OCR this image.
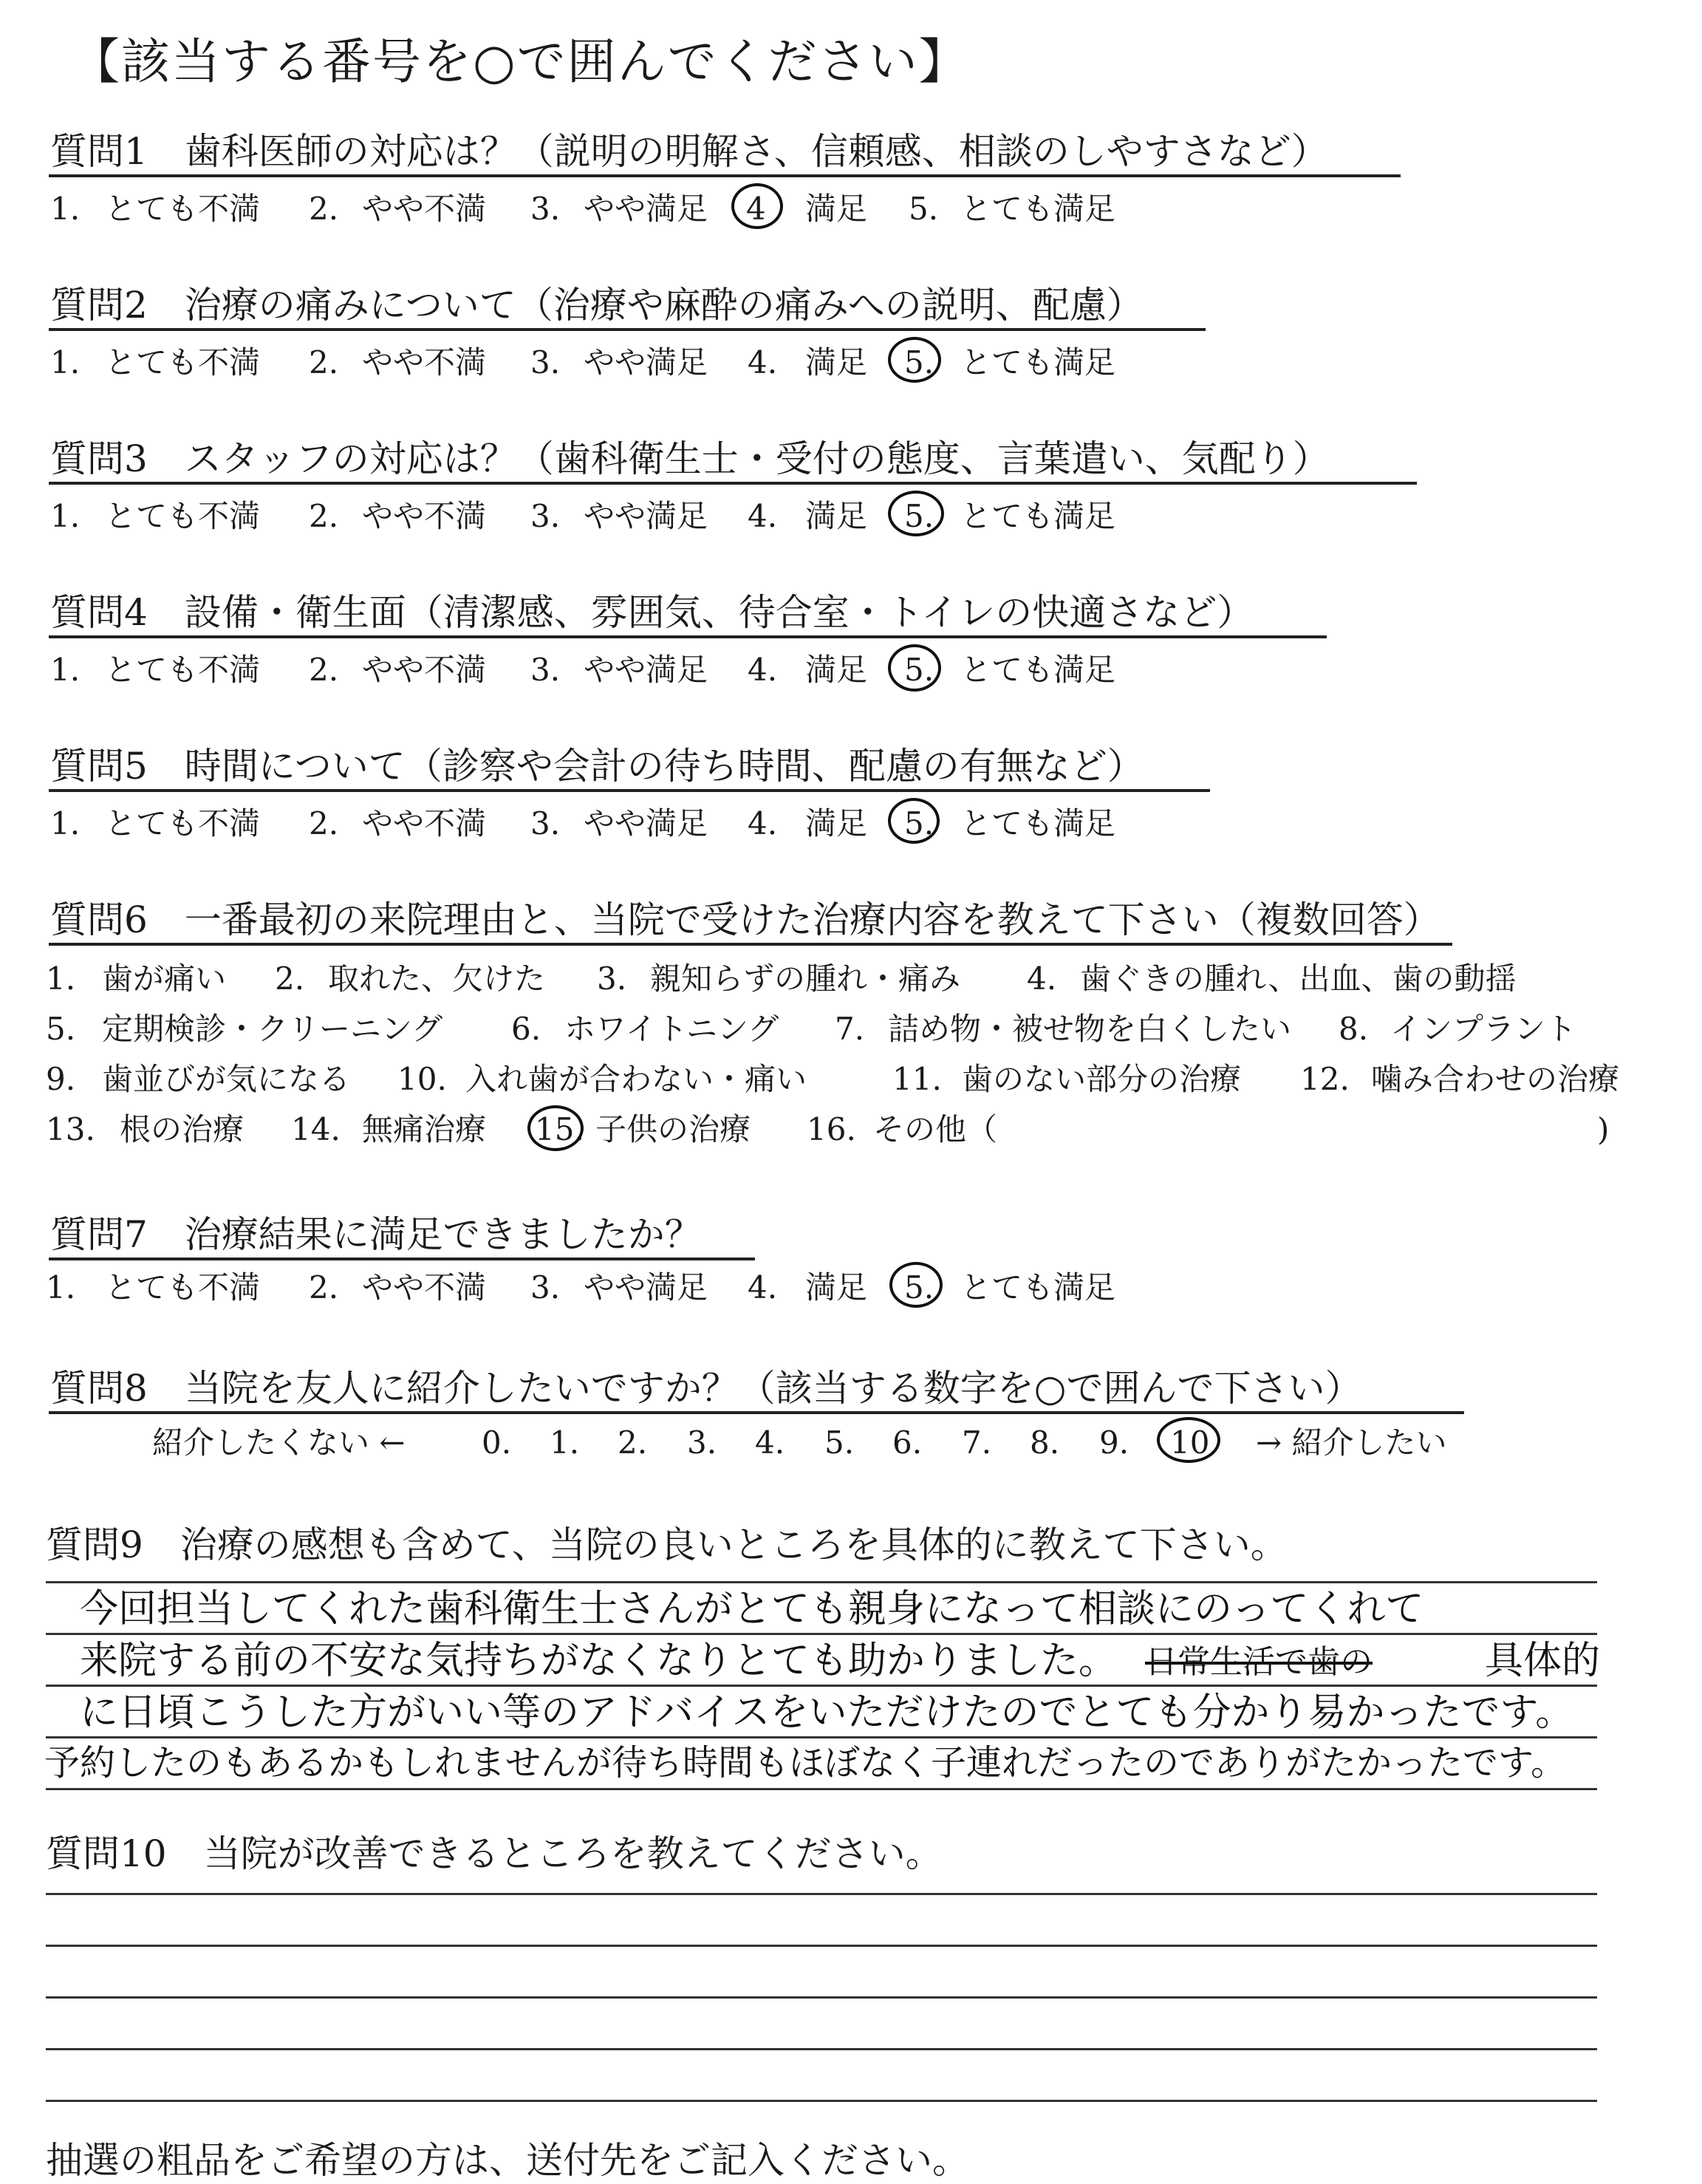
【該当する番号を○で囲んでください】
質問1　歯科医師の対応は？（説明の明解さ、信頼感、相談のしやすさなど）
1. とても不満 2. やや不満 3. やや満足 4 満足 5. とても満足
質問2　治療の痛みについて（治療や麻酔の痛みへの説明、配慮）
1. とても不満 2. やや不満 3. やや満足 4. 満足 5. とても満足
質問3　スタッフの対応は？（歯科衛生士・受付の態度、言葉遣い、気配り）
1. とても不満 2. やや不満 3. やや満足 4. 満足 5. とても満足
質問4　設備・衛生面（清潔感、雰囲気、待合室・トイレの快適さなど）
1. とても不満 2. やや不満 3. やや満足 4. 満足 5. とても満足
質問5　時間について（診察や会計の待ち時間、配慮の有無など）
1. とても不満 2. やや不満 3. やや満足 4. 満足 5. とても満足
質問6　一番最初の来院理由と、当院で受けた治療内容を教えて下さい（複数回答）
1. 歯が痛い 2. 取れた、欠けた 3. 親知らずの腫れ・痛み 4. 歯ぐきの腫れ、出血、歯の動揺
5. 定期検診・クリーニング 6. ホワイトニング 7. 詰め物・被せ物を白くしたい 8. インプラント
9. 歯並びが気になる 10. 入れ歯が合わない・痛い	11. 歯のない部分の治療 12. 噛み合わせの治療
13. 根の治療 14. 無痛治療 15. 子供の治療 16. その他（	)
質問7　治療結果に満足できましたか？
1. とても不満 2. やや不満 3. やや満足 4. 満足 5. とても満足
質問8　当院を友人に紹介したいですか？（該当する数字を○で囲んで下さい）
紹介したくない ← 0. 1. 2. 3. 4. 5. 6. 7. 8. 9. 10 → 紹介したい
質問9　治療の感想も含めて、当院の良いところを具体的に教えて下さい。
今回担当してくれた歯科衛生士さんがとても親身になって相談にのってくれて
来院する前の不安な気持ちがなくなりとても助かりました。 日常生活で歯の	具体的
に日頃こうした方がいい等のアドバイスをいただけたのでとても分かり易かったです。
予約したのもあるかもしれませんが待ち時間もほぼなく子連れだったのでありがたかったです。
質問10　当院が改善できるところを教えてください。
抽選の粗品をご希望の方は、送付先をご記入ください。
